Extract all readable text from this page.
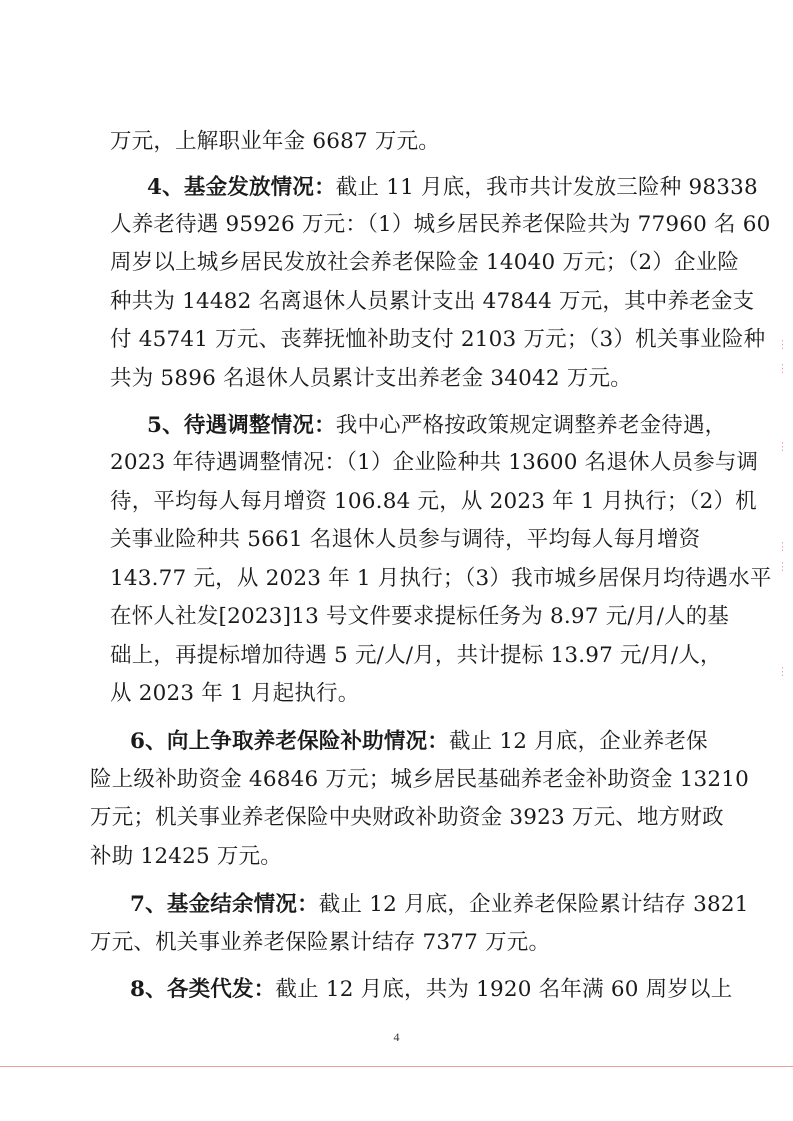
万元，上解职业年金 6687 万元。
4、基金发放情况：截止 11 月底，我市共计发放三险种 98338
人养老待遇 95926 万元：（1）城乡居民养老保险共为 77960 名 60
周岁以上城乡居民发放社会养老保险金 14040 万元；（2）企业险
种共为 14482 名离退休人员累计支出 47844 万元，其中养老金支
付 45741 万元、丧葬抚恤补助支付 2103 万元；（3）机关事业险种
共为 5896 名退休人员累计支出养老金 34042 万元。
5、待遇调整情况：我中心严格按政策规定调整养老金待遇，
2023 年待遇调整情况：（1）企业险种共 13600 名退休人员参与调
待，平均每人每月增资 106.84 元，从 2023 年 1 月执行；（2）机
关事业险种共 5661 名退休人员参与调待，平均每人每月增资
143.77 元，从 2023 年 1 月执行；（3）我市城乡居保月均待遇水平
在怀人社发[2023]13 号文件要求提标任务为 8.97 元/月/人的基
础上，再提标增加待遇 5 元/人/月，共计提标 13.97 元/月/人，
从 2023 年 1 月起执行。
6、向上争取养老保险补助情况：截止 12 月底，企业养老保
险上级补助资金 46846 万元；城乡居民基础养老金补助资金 13210
万元；机关事业养老保险中央财政补助资金 3923 万元、地方财政
补助 12425 万元。
7、基金结余情况：截止 12 月底，企业养老保险累计结存 3821
万元、机关事业养老保险累计结存 7377 万元。
8、各类代发：截止 12 月底，共为 1920 名年满 60 周岁以上
4
⋮
⋮
⋮
⋮
⋮
⋮
